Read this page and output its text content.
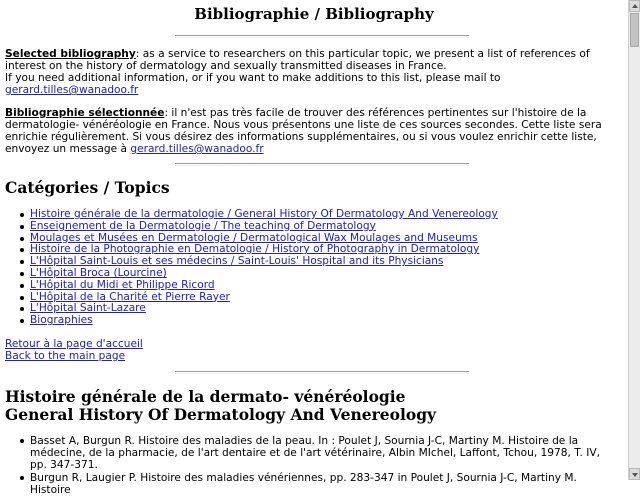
Bibliographie / Bibliography

Selected bibliography: as a service to researchers on this particular topic, we present a list of references of interest on the history of dermatology and sexually transmitted diseases in France.
If you need additional information, or if you want to make additions to this list, please mail to
gerard.tilles@wanadoo.fr

Bibliographie sélectionnée: il n'est pas très facile de trouver des références pertinentes sur l'histoire de la dermatologie- vénéréologie en France. Nous vous présentons une liste de ces sources secondes. Cette liste sera enrichie régulièrement. Si vous désirez des informations supplémentaires, ou si vous voulez enrichir cette liste, envoyez un message à gerard.tilles@wanadoo.fr

Catégories / Topics
Histoire générale de la dermatologie / General History Of Dermatology And Venereology
Enseignement de la Dermatologie / The teaching of Dermatology
Moulages et Musées en Dermatologie / Dermatological Wax Moulages and Museums
Histoire de la Photographie en Dematologie / History of Photography in Dermatology
L'Hôpital Saint-Louis et ses médecins / Saint-Louis' Hospital and its Physicians
L'Hôpital Broca (Lourcine)
L'Hôpital du Midi et Philippe Ricord
L'Hôpital de la Charité et Pierre Rayer
L'Hôpital Saint-Lazare
Biographies
Retour à la page d'accueil
Back to the main page
Histoire générale de la dermato- vénéréologie
General History Of Dermatology And Venereology
Basset A, Burgun R. Histoire des maladies de la peau. In : Poulet J, Sournia J-C, Martiny M. Histoire de la médecine, de la pharmacie, de l'art dentaire et de l'art vétérinaire, Albin MIchel, Laffont, Tchou, 1978, T. IV, pp. 347-371.
Burgun R, Laugier P. Histoire des maladies vénériennes, pp. 283-347 in Poulet J, Sournia J-C, Martiny M. Histoire
